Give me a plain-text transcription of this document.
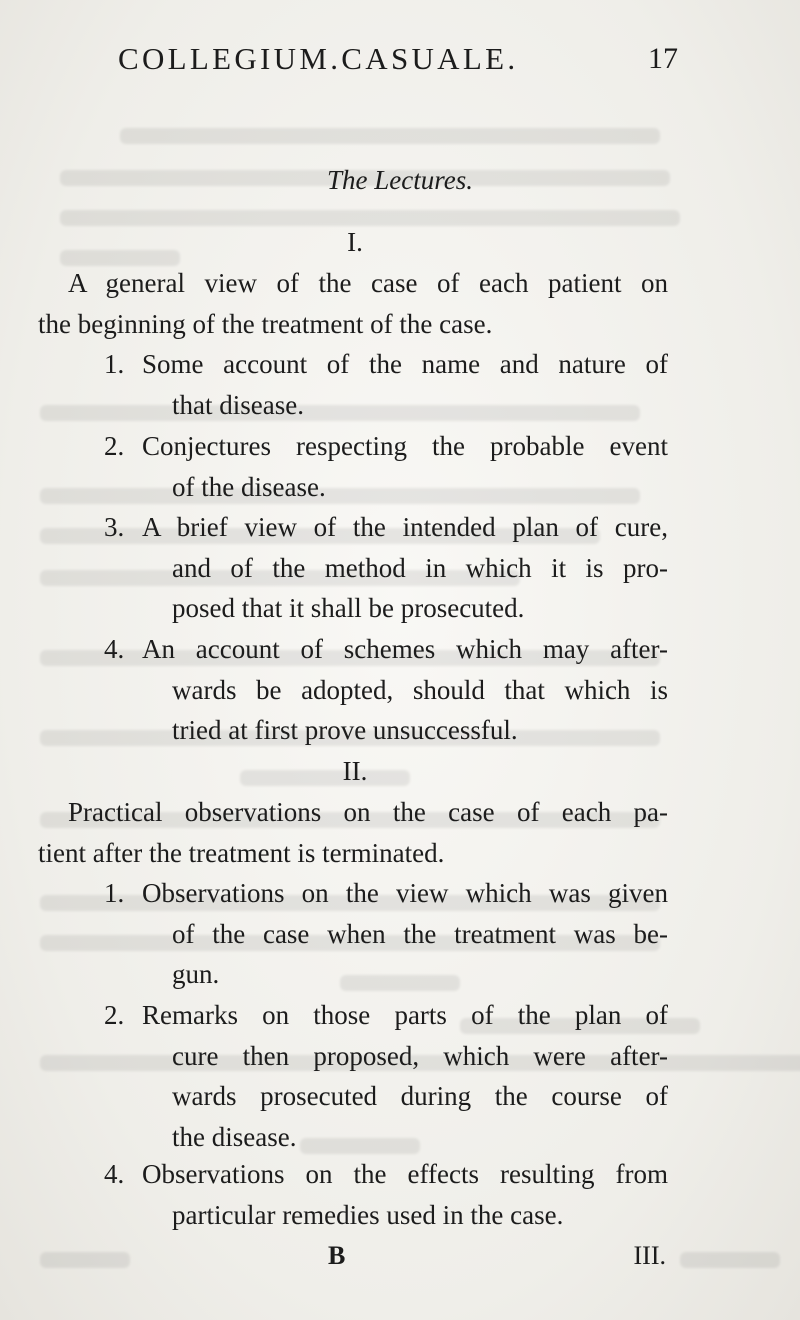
COLLEGIUM.CASUALE.	17
The Lectures.
I.

A general view of the case of each patient on
the beginning of the treatment of the case.

1. Some account of the name and nature of
that disease.
2. Conjectures respecting the probable event
of the disease.
3. A brief view of the intended plan of cure,
and of the method in which it is pro-
posed that it shall be prosecuted.
4. An account of schemes which may after-
wards be adopted, should that which is
tried at first prove unsuccessful.
II.

Practical observations on the case of each pa-
tient after the treatment is terminated.

1. Observations on the view which was given
of the case when the treatment was be-
gun.
2. Remarks on those parts of the plan of
cure then proposed, which were after-
wards prosecuted during the course of
the disease.
4. Observations on the effects resulting from
particular remedies used in the case.
B	III.
